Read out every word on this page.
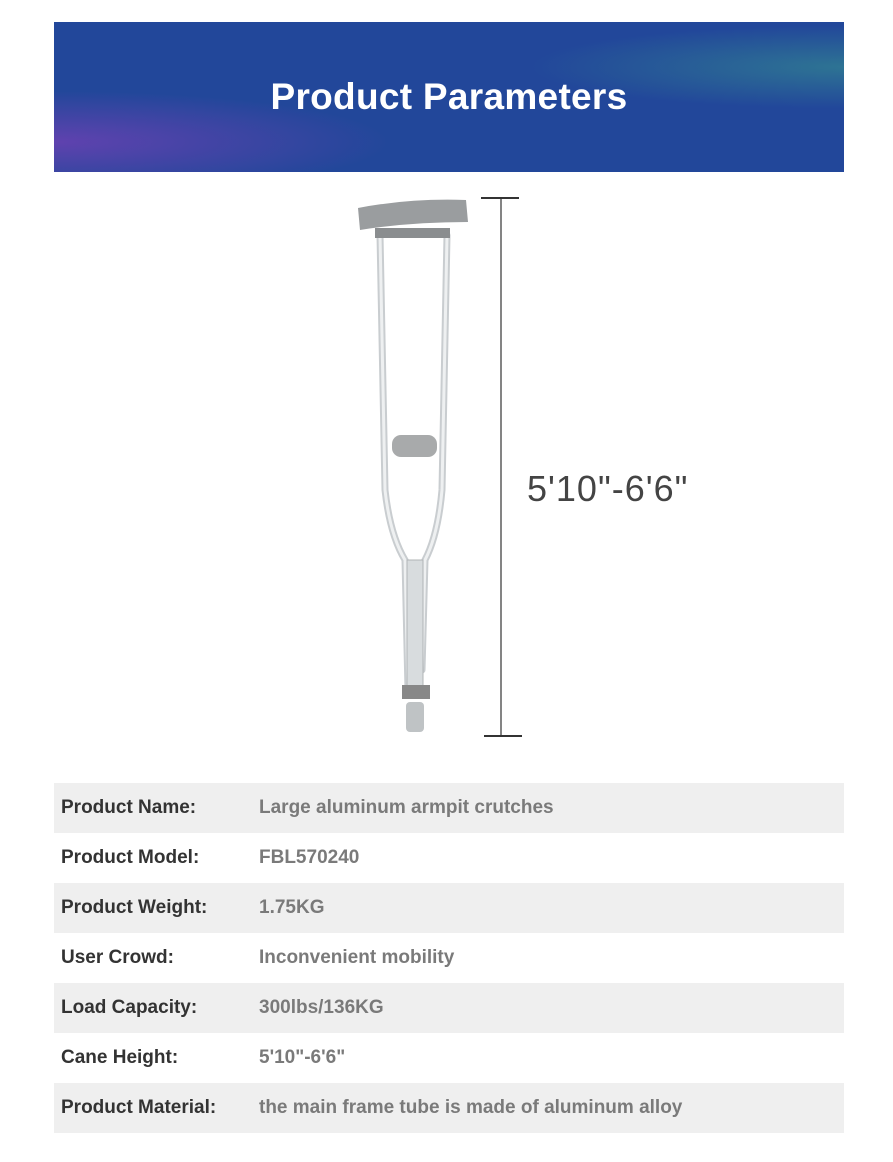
Product Parameters
5'10"-6'6"
Product Name:	Large aluminum armpit crutches
Product Model:	FBL570240
Product Weight:	1.75KG
User Crowd:	Inconvenient mobility
Load Capacity:	300lbs/136KG
Cane Height:	5'10"-6'6"
Product Material:	the main frame tube is made of aluminum alloy
